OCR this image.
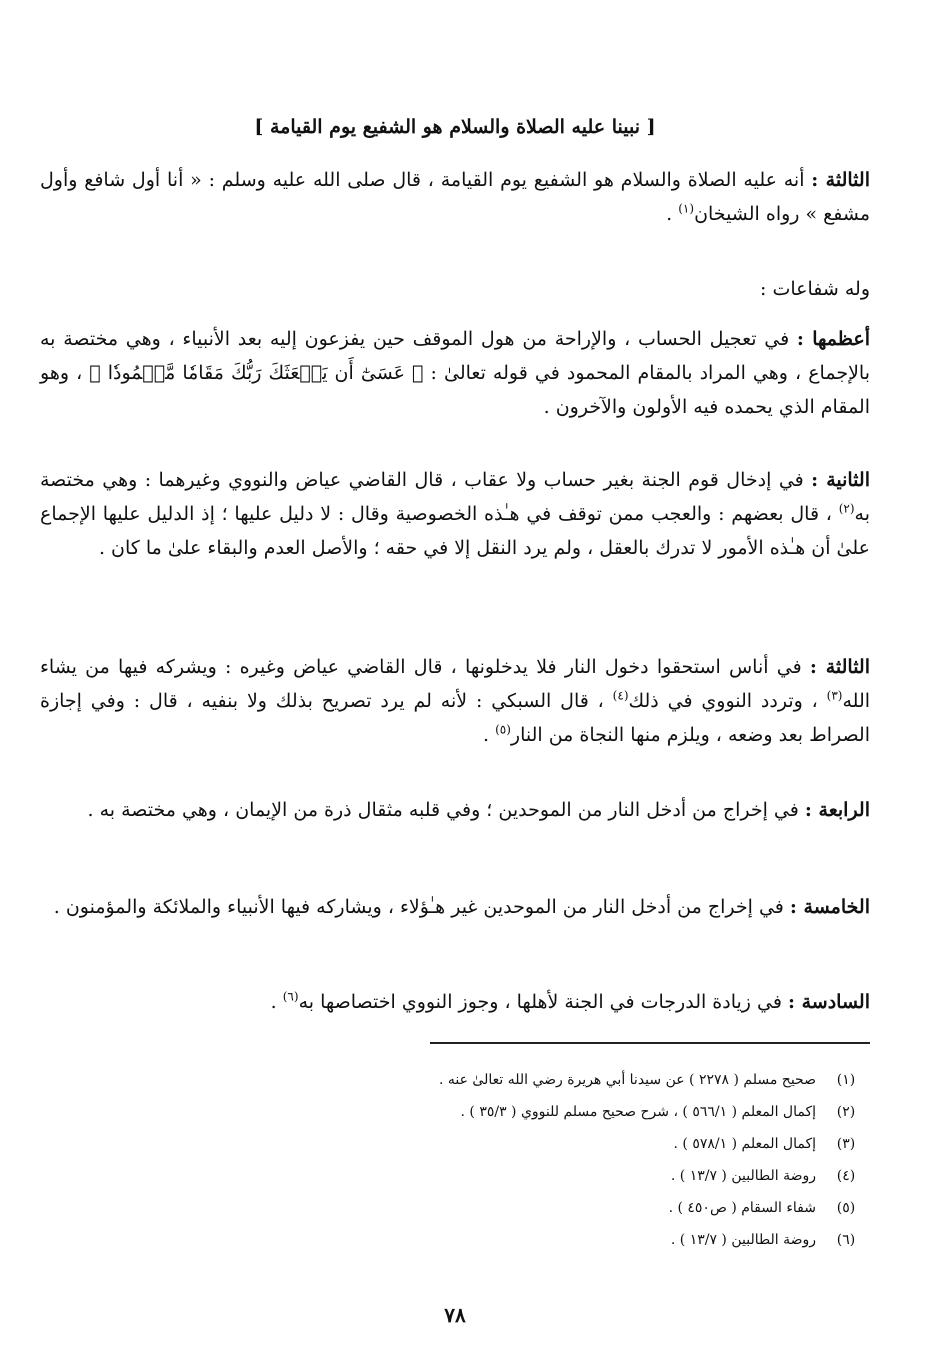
[ نبينا عليه الصلاة والسلام هو الشفيع يوم القيامة ]

الثالثة : أنه عليه الصلاة والسلام هو الشفيع يوم القيامة ، قال صلى الله عليه وسلم : « أنا أول شافع وأول مشفع » رواه الشيخان$^{(١)}$ .

وله شفاعات :

أعظمها : في تعجيل الحساب ، والإراحة من هول الموقف حين يفزعون إليه بعد الأنبياء ، وهي مختصة به بالإجماع ، وهي المراد بالمقام المحمود في قوله تعالىٰ : ﴿ عَسَىٰٓ أَن يَبۡعَثَكَ رَبُّكَ مَقَامٗا مَّحۡمُودٗا ﴾ ، وهو المقام الذي يحمده فيه الأولون والآخرون .

الثانية : في إدخال قوم الجنة بغير حساب ولا عقاب ، قال القاضي عياض والنووي وغيرهما : وهي مختصة به$^{(٢)}$ ، قال بعضهم : والعجب ممن توقف في هـٰذه الخصوصية وقال : لا دليل عليها ؛ إذ الدليل عليها الإجماع علىٰ أن هـٰذه الأمور لا تدرك بالعقل ، ولم يرد النقل إلا في حقه ؛ والأصل العدم والبقاء علىٰ ما كان .

الثالثة : في أناس استحقوا دخول النار فلا يدخلونها ، قال القاضي عياض وغيره : ويشركه فيها من يشاء الله$^{(٣)}$ ، وتردد النووي في ذلك$^{(٤)}$ ، قال السبكي : لأنه لم يرد تصريح بذلك ولا بنفيه ، قال : وفي إجازة الصراط بعد وضعه ، ويلزم منها النجاة من النار$^{(٥)}$ .

الرابعة : في إخراج من أدخل النار من الموحدين ؛ وفي قلبه مثقال ذرة من الإيمان ، وهي مختصة به .

الخامسة : في إخراج من أدخل النار من الموحدين غير هـٰؤلاء ، ويشاركه فيها الأنبياء والملائكة والمؤمنون .

السادسة : في زيادة الدرجات في الجنة لأهلها ، وجوز النووي اختصاصها به$^{(٦)}$ .

(١)
صحيح مسلم ( ٢٢٧٨ ) عن سيدنا أبي هريرة رضي الله تعالىٰ عنه .
(٢)
إكمال المعلم ( ٥٦٦/١ ) ، شرح صحيح مسلم للنووي ( ٣٥/٣ ) .
(٣)
إكمال المعلم ( ٥٧٨/١ ) .
(٤)
روضة الطالبين ( ١٣/٧ ) .
(٥)
شفاء السقام ( ص٤٥٠ ) .
(٦)
روضة الطالبين ( ١٣/٧ ) .
٧٨
